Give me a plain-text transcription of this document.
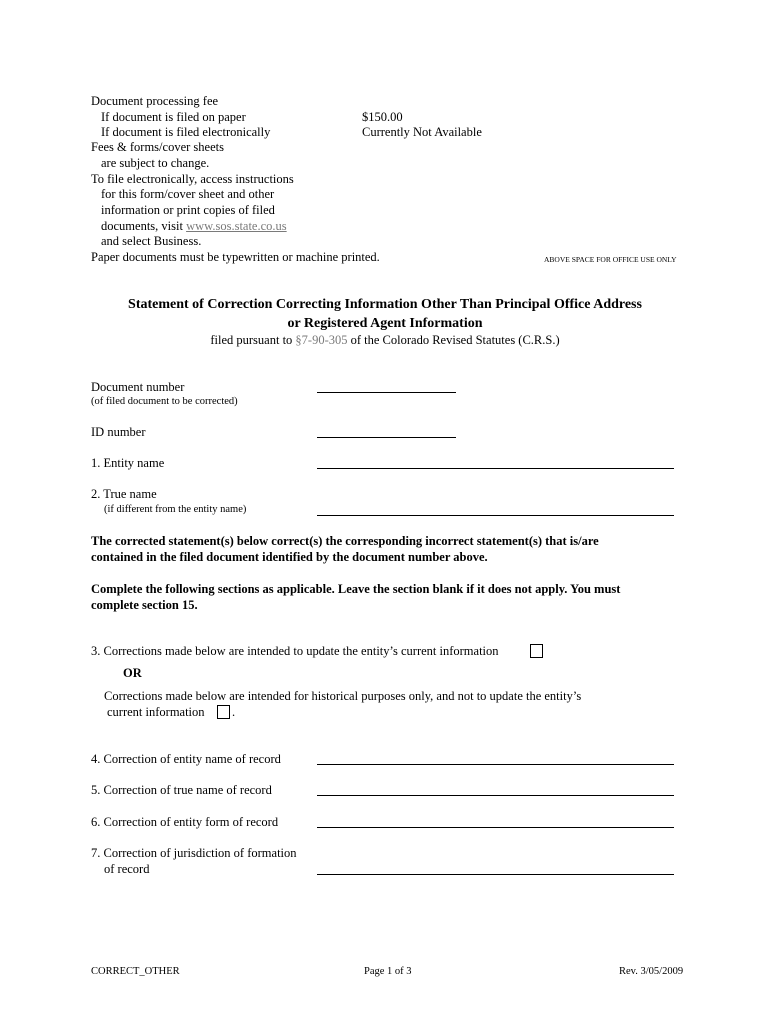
Document processing fee
If document is filed on paper	$150.00
If document is filed electronically	Currently Not Available
Fees & forms/cover sheets
are subject to change.
To file electronically, access instructions
for this form/cover sheet and other
information or print copies of filed
documents, visit www.sos.state.co.us
and select Business.
Paper documents must be typewritten or machine printed.	ABOVE SPACE FOR OFFICE USE ONLY
Statement of Correction Correcting Information Other Than Principal Office Address
or Registered Agent Information
filed pursuant to §7-90-305 of the Colorado Revised Statutes (C.R.S.)
Document number
(of filed document to be corrected)
ID number
1. Entity name
2. True name
(if different from the entity name)
The corrected statement(s) below correct(s) the corresponding incorrect statement(s) that is/are
contained in the filed document identified by the document number above.
Complete the following sections as applicable. Leave the section blank if it does not apply. You must
complete section 15.
3. Corrections made below are intended to update the entity’s current information
OR
Corrections made below are intended for historical purposes only, and not to update the entity’s
current information .
4. Correction of entity name of record
5. Correction of true name of record
6. Correction of entity form of record
7. Correction of jurisdiction of formation
of record
CORRECT_OTHER	Page 1 of 3	Rev. 3/05/2009
